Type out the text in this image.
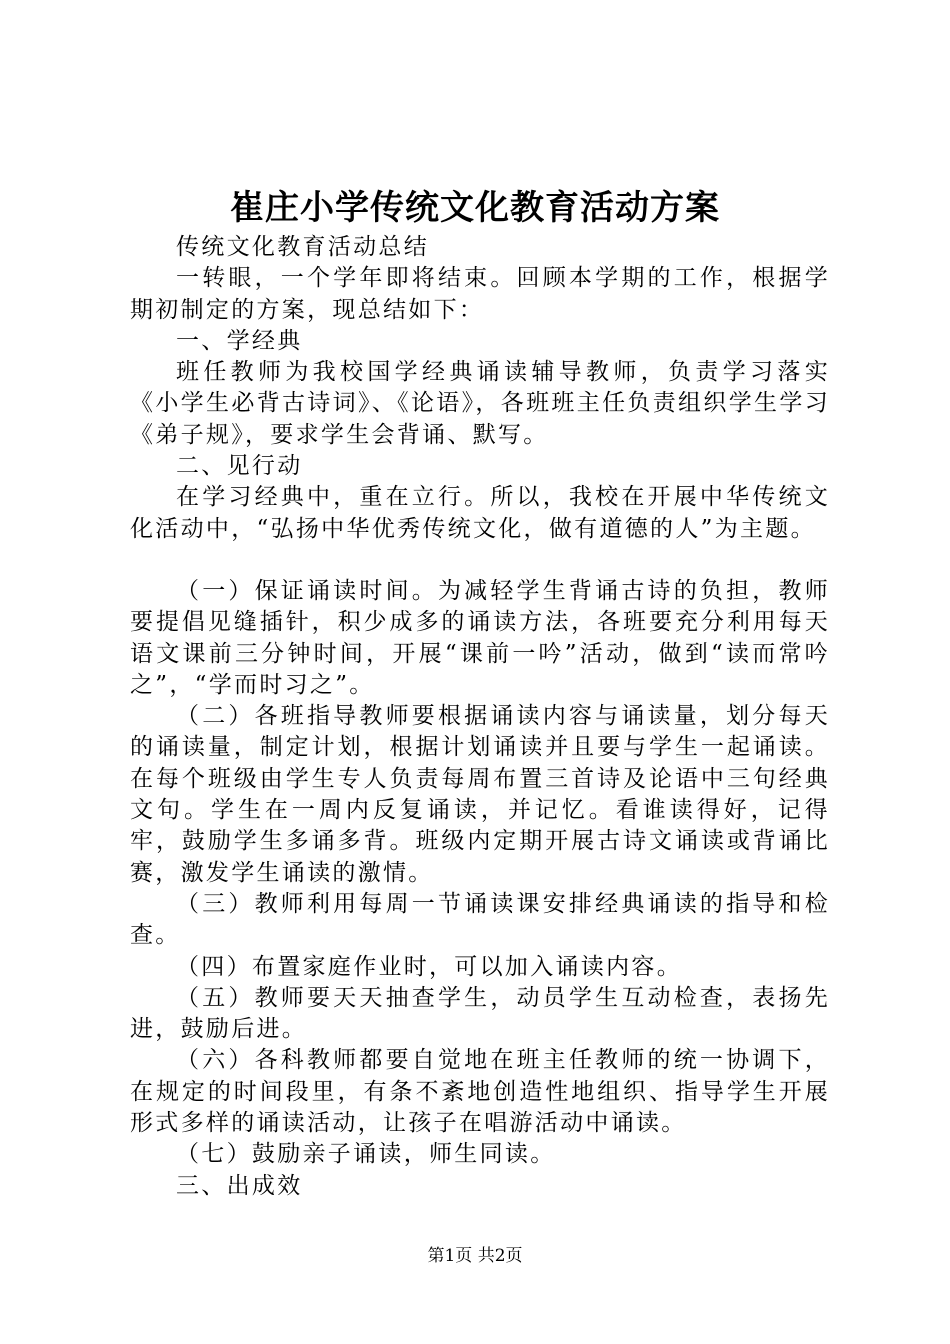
崔庄小学传统文化教育活动方案

传统文化教育活动总结

一转眼，一个学年即将结束。回顾本学期的工作，根据学期初制定的方案，现总结如下：

一、学经典

班任教师为我校国学经典诵读辅导教师，负责学习落实《小学生必背古诗词》、《论语》，各班班主任负责组织学生学习《弟子规》，要求学生会背诵、默写。

二、见行动

在学习经典中，重在立行。所以，我校在开展中华传统文化活动中，“弘扬中华优秀传统文化，做有道德的人”为主题。

（一）保证诵读时间。为减轻学生背诵古诗的负担，教师要提倡见缝插针，积少成多的诵读方法，各班要充分利用每天语文课前三分钟时间，开展“课前一吟”活动，做到“读而常吟之”，“学而时习之”。

（二）各班指导教师要根据诵读内容与诵读量，划分每天的诵读量，制定计划，根据计划诵读并且要与学生一起诵读。在每个班级由学生专人负责每周布置三首诗及论语中三句经典文句。学生在一周内反复诵读，并记忆。看谁读得好，记得牢，鼓励学生多诵多背。班级内定期开展古诗文诵读或背诵比赛，激发学生诵读的激情。

（三）教师利用每周一节诵读课安排经典诵读的指导和检查。

（四）布置家庭作业时，可以加入诵读内容。

（五）教师要天天抽查学生，动员学生互动检查，表扬先进，鼓励后进。

（六）各科教师都要自觉地在班主任教师的统一协调下，在规定的时间段里，有条不紊地创造性地组织、指导学生开展形式多样的诵读活动，让孩子在唱游活动中诵读。

（七）鼓励亲子诵读，师生同读。

三、出成效

第1页 共2页
